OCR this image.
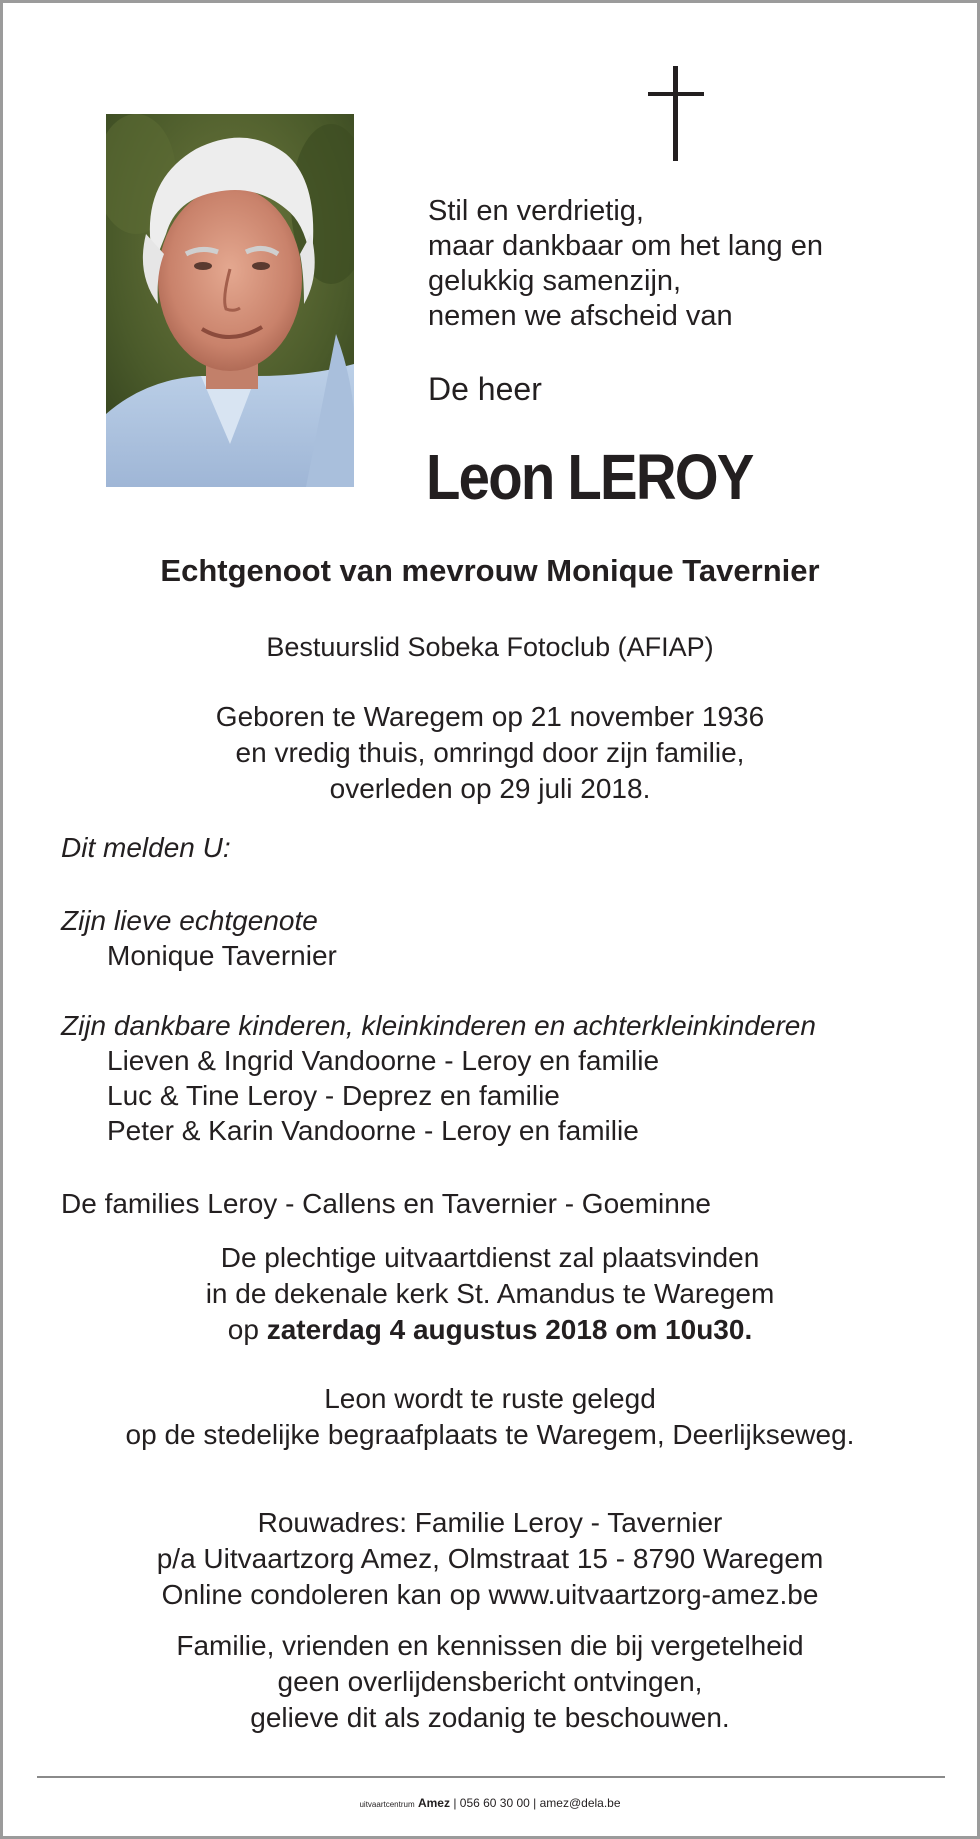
Stil en verdrietig,
maar dankbaar om het lang en
gelukkig samenzijn,
nemen we afscheid van
De heer
Leon LEROY
Echtgenoot van mevrouw Monique Tavernier
Bestuurslid Sobeka Fotoclub (AFIAP)
Geboren te Waregem op 21 november 1936
en vredig thuis, omringd door zijn familie,
overleden op 29 juli 2018.
Dit melden U:
Zijn lieve echtgenote
Monique Tavernier
Zijn dankbare kinderen, kleinkinderen en achterkleinkinderen
Lieven & Ingrid Vandoorne - Leroy en familie
Luc & Tine Leroy - Deprez en familie
Peter & Karin Vandoorne - Leroy en familie
De families Leroy - Callens en Tavernier - Goeminne
De plechtige uitvaartdienst zal plaatsvinden
in de dekenale kerk St. Amandus te Waregem
op zaterdag 4 augustus 2018 om 10u30.
Leon wordt te ruste gelegd
op de stedelijke begraafplaats te Waregem, Deerlijkseweg.
Rouwadres: Familie Leroy - Tavernier
p/a Uitvaartzorg Amez, Olmstraat 15 - 8790 Waregem
Online condoleren kan op www.uitvaartzorg-amez.be
Familie, vrienden en kennissen die bij vergetelheid
geen overlijdensbericht ontvingen,
gelieve dit als zodanig te beschouwen.
uitvaartcentrum Amez | 056 60 30 00 | amez@dela.be
